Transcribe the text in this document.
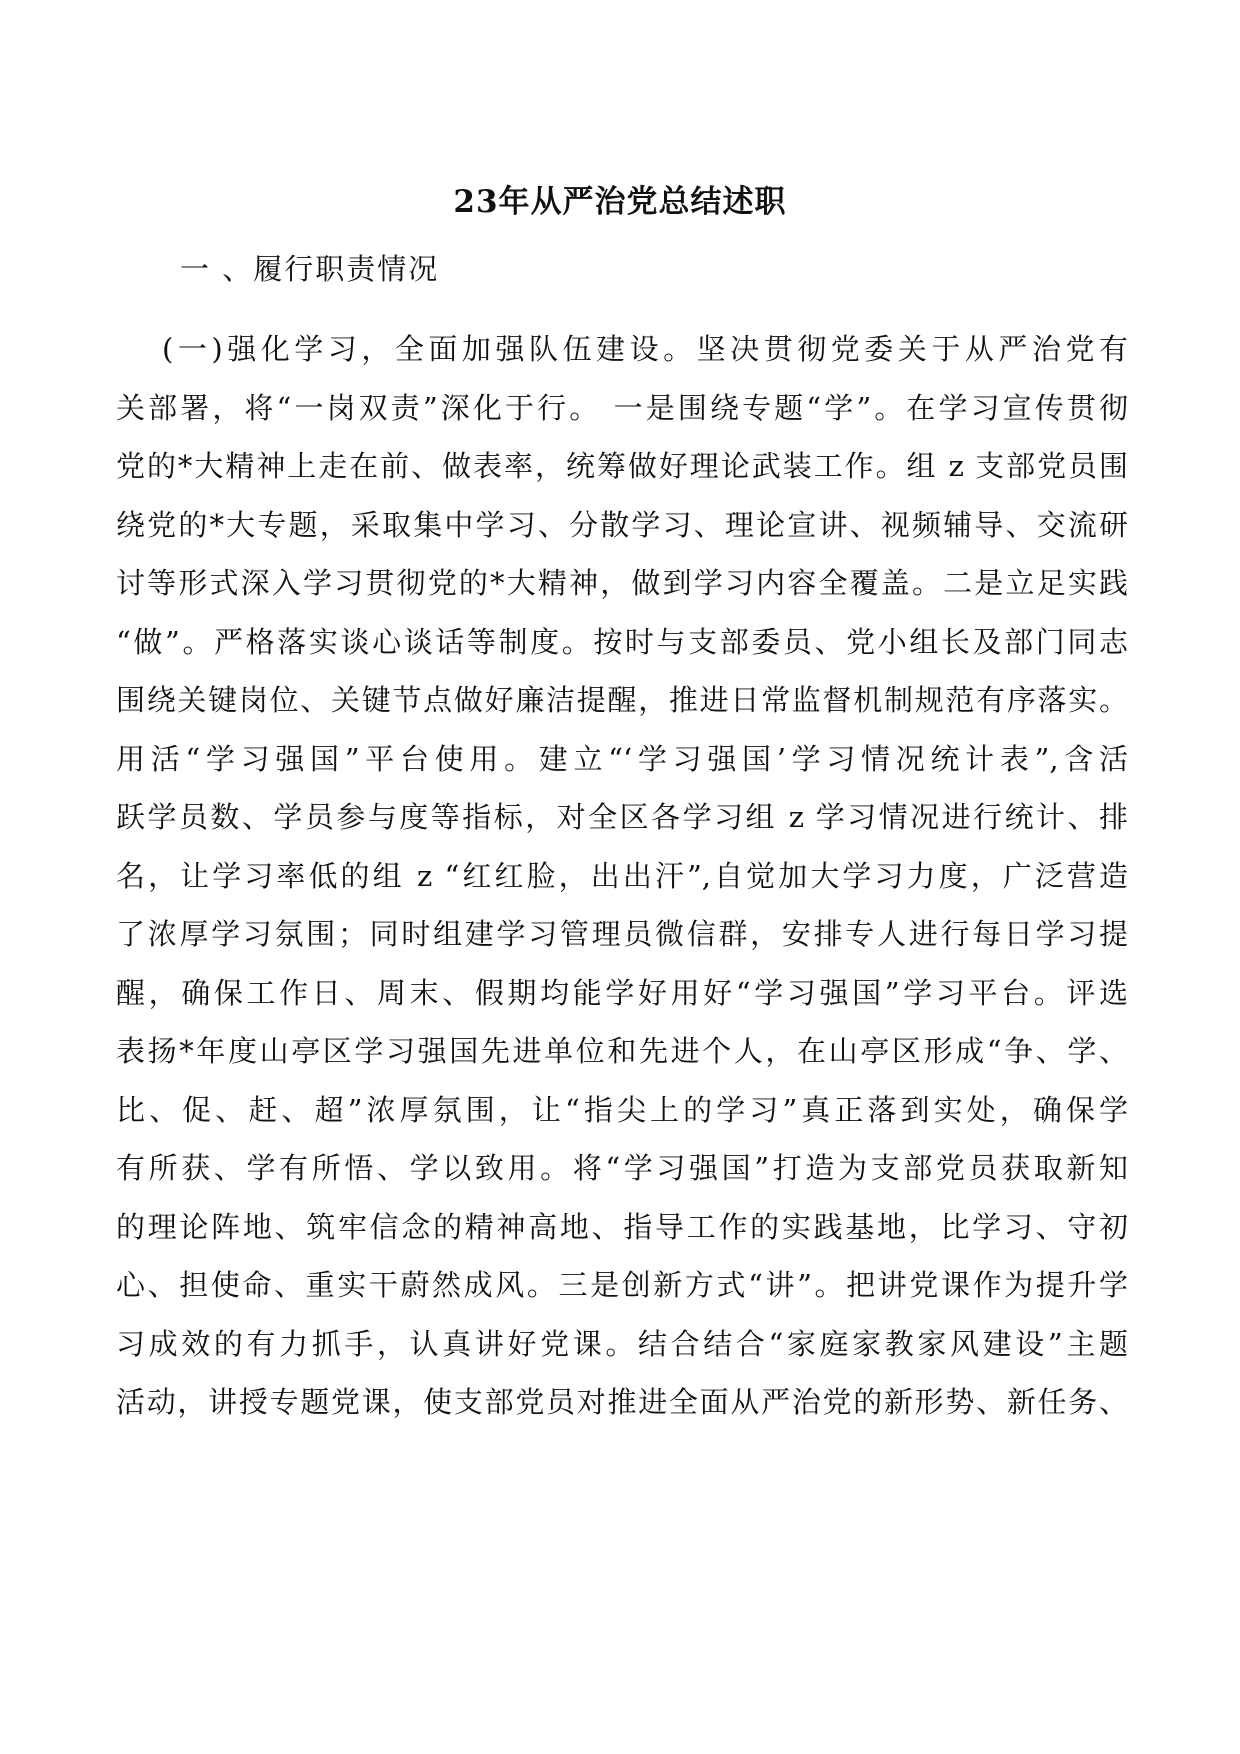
23年从严治党总结述职
一 、履行职责情况
(一)强化学习，全面加强队伍建设。坚决贯彻党委关于从严治党有
关部署，将“一岗双责”深化于行。 一是围绕专题“学”。在学习宣传贯彻
党的*大精神上走在前、做表率，统筹做好理论武装工作。组 z 支部党员围
绕党的*大专题，采取集中学习、分散学习、理论宣讲、视频辅导、交流研
讨等形式深入学习贯彻党的*大精神，做到学习内容全覆盖。二是立足实践
“做”。严格落实谈心谈话等制度。按时与支部委员、党小组长及部门同志
围绕关键岗位、关键节点做好廉洁提醒，推进日常监督机制规范有序落实。
用活“学习强国”平台使用。建立“‘学习强国’学习情况统计表”,含活
跃学员数、学员参与度等指标，对全区各学习组 z 学习情况进行统计、排
名，让学习率低的组 z “红红脸，出出汗”,自觉加大学习力度，广泛营造
了浓厚学习氛围；同时组建学习管理员微信群，安排专人进行每日学习提
醒，确保工作日、周末、假期均能学好用好“学习强国”学习平台。评选
表扬*年度山亭区学习强国先进单位和先进个人，在山亭区形成“争、学、
比、促、赶、超”浓厚氛围，让“指尖上的学习”真正落到实处，确保学
有所获、学有所悟、学以致用。将“学习强国”打造为支部党员获取新知
的理论阵地、筑牢信念的精神高地、指导工作的实践基地，比学习、守初
心、担使命、重实干蔚然成风。三是创新方式“讲”。把讲党课作为提升学
习成效的有力抓手，认真讲好党课。结合结合“家庭家教家风建设”主题
活动，讲授专题党课，使支部党员对推进全面从严治党的新形势、新任务、
